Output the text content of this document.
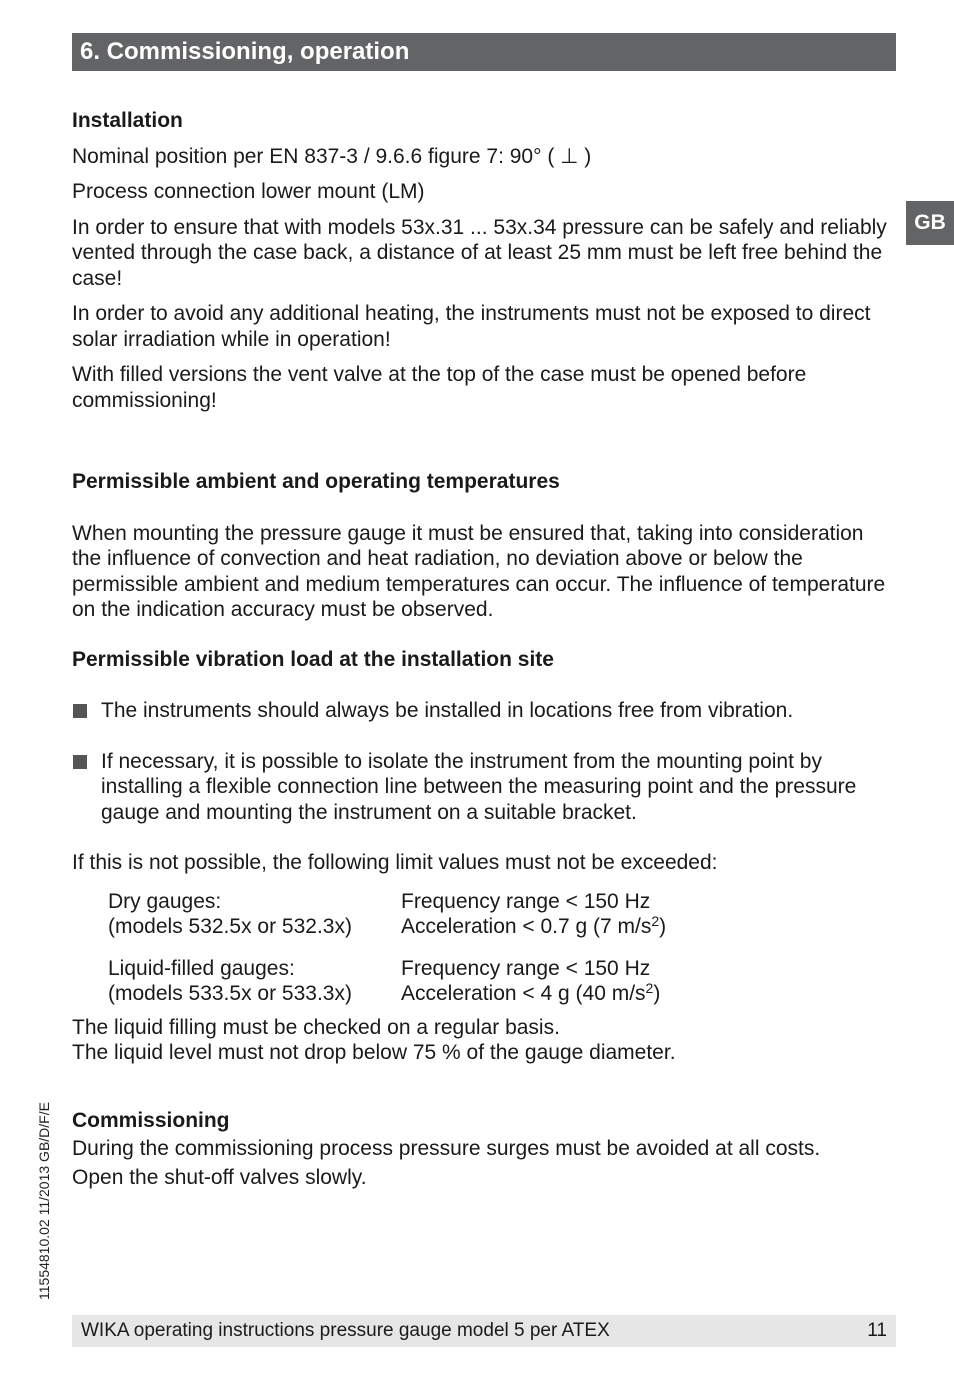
6. Commissioning, operation
GB

Installation

Nominal position per EN 837-3 / 9.6.6 figure 7: 90° ( ⊥ )

Process connection lower mount (LM)

In order to ensure that with models 53x.31 ... 53x.34 pressure can be safely and reliably vented through the case back, a distance of at least 25 mm must be left free behind the case!

In order to avoid any additional heating, the instruments must not be exposed to direct solar irradiation while in operation!

With filled versions the vent valve at the top of the case must be opened before commissioning!

Permissible ambient and operating temperatures

When mounting the pressure gauge it must be ensured that, taking into consideration the influence of convection and heat radiation, no deviation above or below the permissible ambient and medium temperatures can occur. The influence of temperature on the indication accuracy must be observed.

Permissible vibration load at the installation site

The instruments should always be installed in locations free from vibration.
If necessary, it is possible to isolate the instrument from the mounting point by installing a flexible connection line between the measuring point and the pressure gauge and mounting the instrument on a suitable bracket.

If this is not possible, the following limit values must not be exceeded:

Dry gauges:	Frequency range < 150 Hz
(models 532.5x or 532.3x)	Acceleration < 0.7 g (7 $m/s^2$)
Liquid-filled gauges:	Frequency range < 150 Hz
(models 533.5x or 533.3x)	Acceleration < 4 g (40 $m/s^2$)

The liquid filling must be checked on a regular basis.

The liquid level must not drop below 75 % of the gauge diameter.

Commissioning

During the commissioning process pressure surges must be avoided at all costs.

Open the shut-off valves slowly.

11554810.02 11/2013 GB/D/F/E
WIKA operating instructions pressure gauge model 5 per ATEX	11
